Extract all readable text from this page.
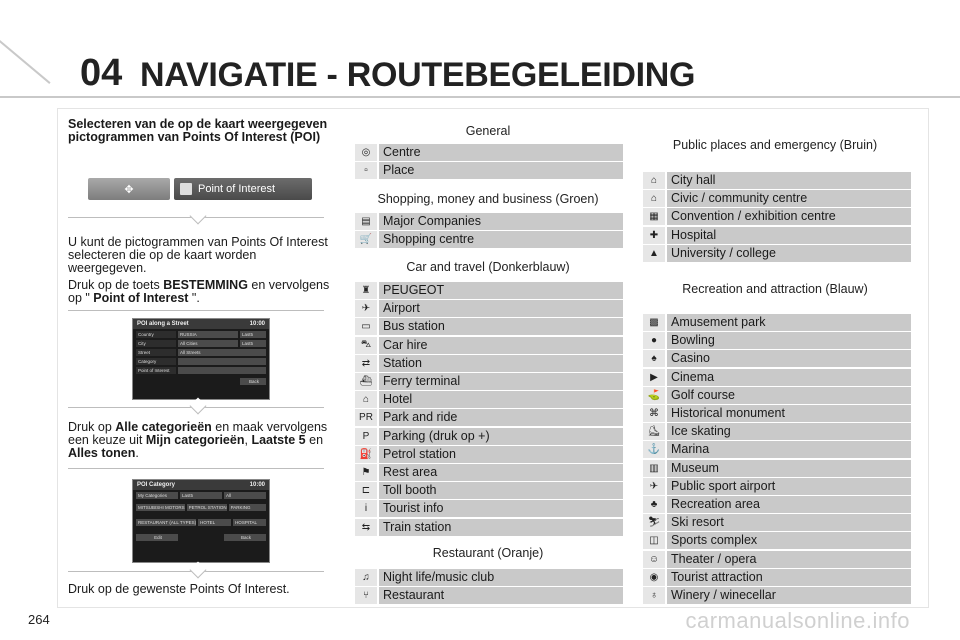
04 NAVIGATIE - ROUTEBEGELEIDING
Selecteren van de op de kaart weergegeven pictogrammen van Points Of Interest (POI)
✥	Point of Interest
U kunt de pictogrammen van Points Of Interest selecteren die op de kaart worden weergegeven.
Druk op de toets BESTEMMING en vervolgens op " Point of Interest ".
POI along a Street	10:00
Country	RUSSIA	Last5
City	All Cities	Last5
Street	All Streets
Category
Point of Interest
Back
Druk op Alle categorieën en maak vervolgens een keuze uit Mijn categorieën, Laatste 5 en Alles tonen.
POI Category	10:00
My Categories	Last5	All
MITSUBISHI MOTORS PETROL STATION PARKING
RESTAURANT (ALL TYPES) HOTEL	HOSPITAL
Edit	Back
Druk op de gewenste Points Of Interest.
General
◎	Centre
▫	Place
Shopping, money and business (Groen)
▤ Major Companies
🛒 Shopping centre
Car and travel (Donkerblauw)
♜	PEUGEOT
✈	Airport
▭ Bus station
⛍ Car hire
⇄	Station
⛴ Ferry terminal
⌂	Hotel
PR Park and ride
P	Parking (druk op +)
⛽ Petrol station
⚑	Rest area
⊏	Toll booth
i	Tourist info
⇆	Train station
Restaurant (Oranje)
♫	Night life/music club
⑂	Restaurant
Public places and emergency (Bruin)
⌂	City hall
⌂	Civic / community centre
▦ Convention / exhibition centre
✚	Hospital
▲ University / college
Recreation and attraction (Blauw)
▩ Amusement park
●	Bowling
♠	Casino
▶	Cinema
⛳ Golf course
⌘ Historical monument
⛸ Ice skating
⚓ Marina
▥ Museum
✈	Public sport airport
♣	Recreation area
⛷ Ski resort
◫ Sports complex
☺ Theater / opera
◉	Tourist attraction
♁	Winery / winecellar
264	carmanualsonline.info
